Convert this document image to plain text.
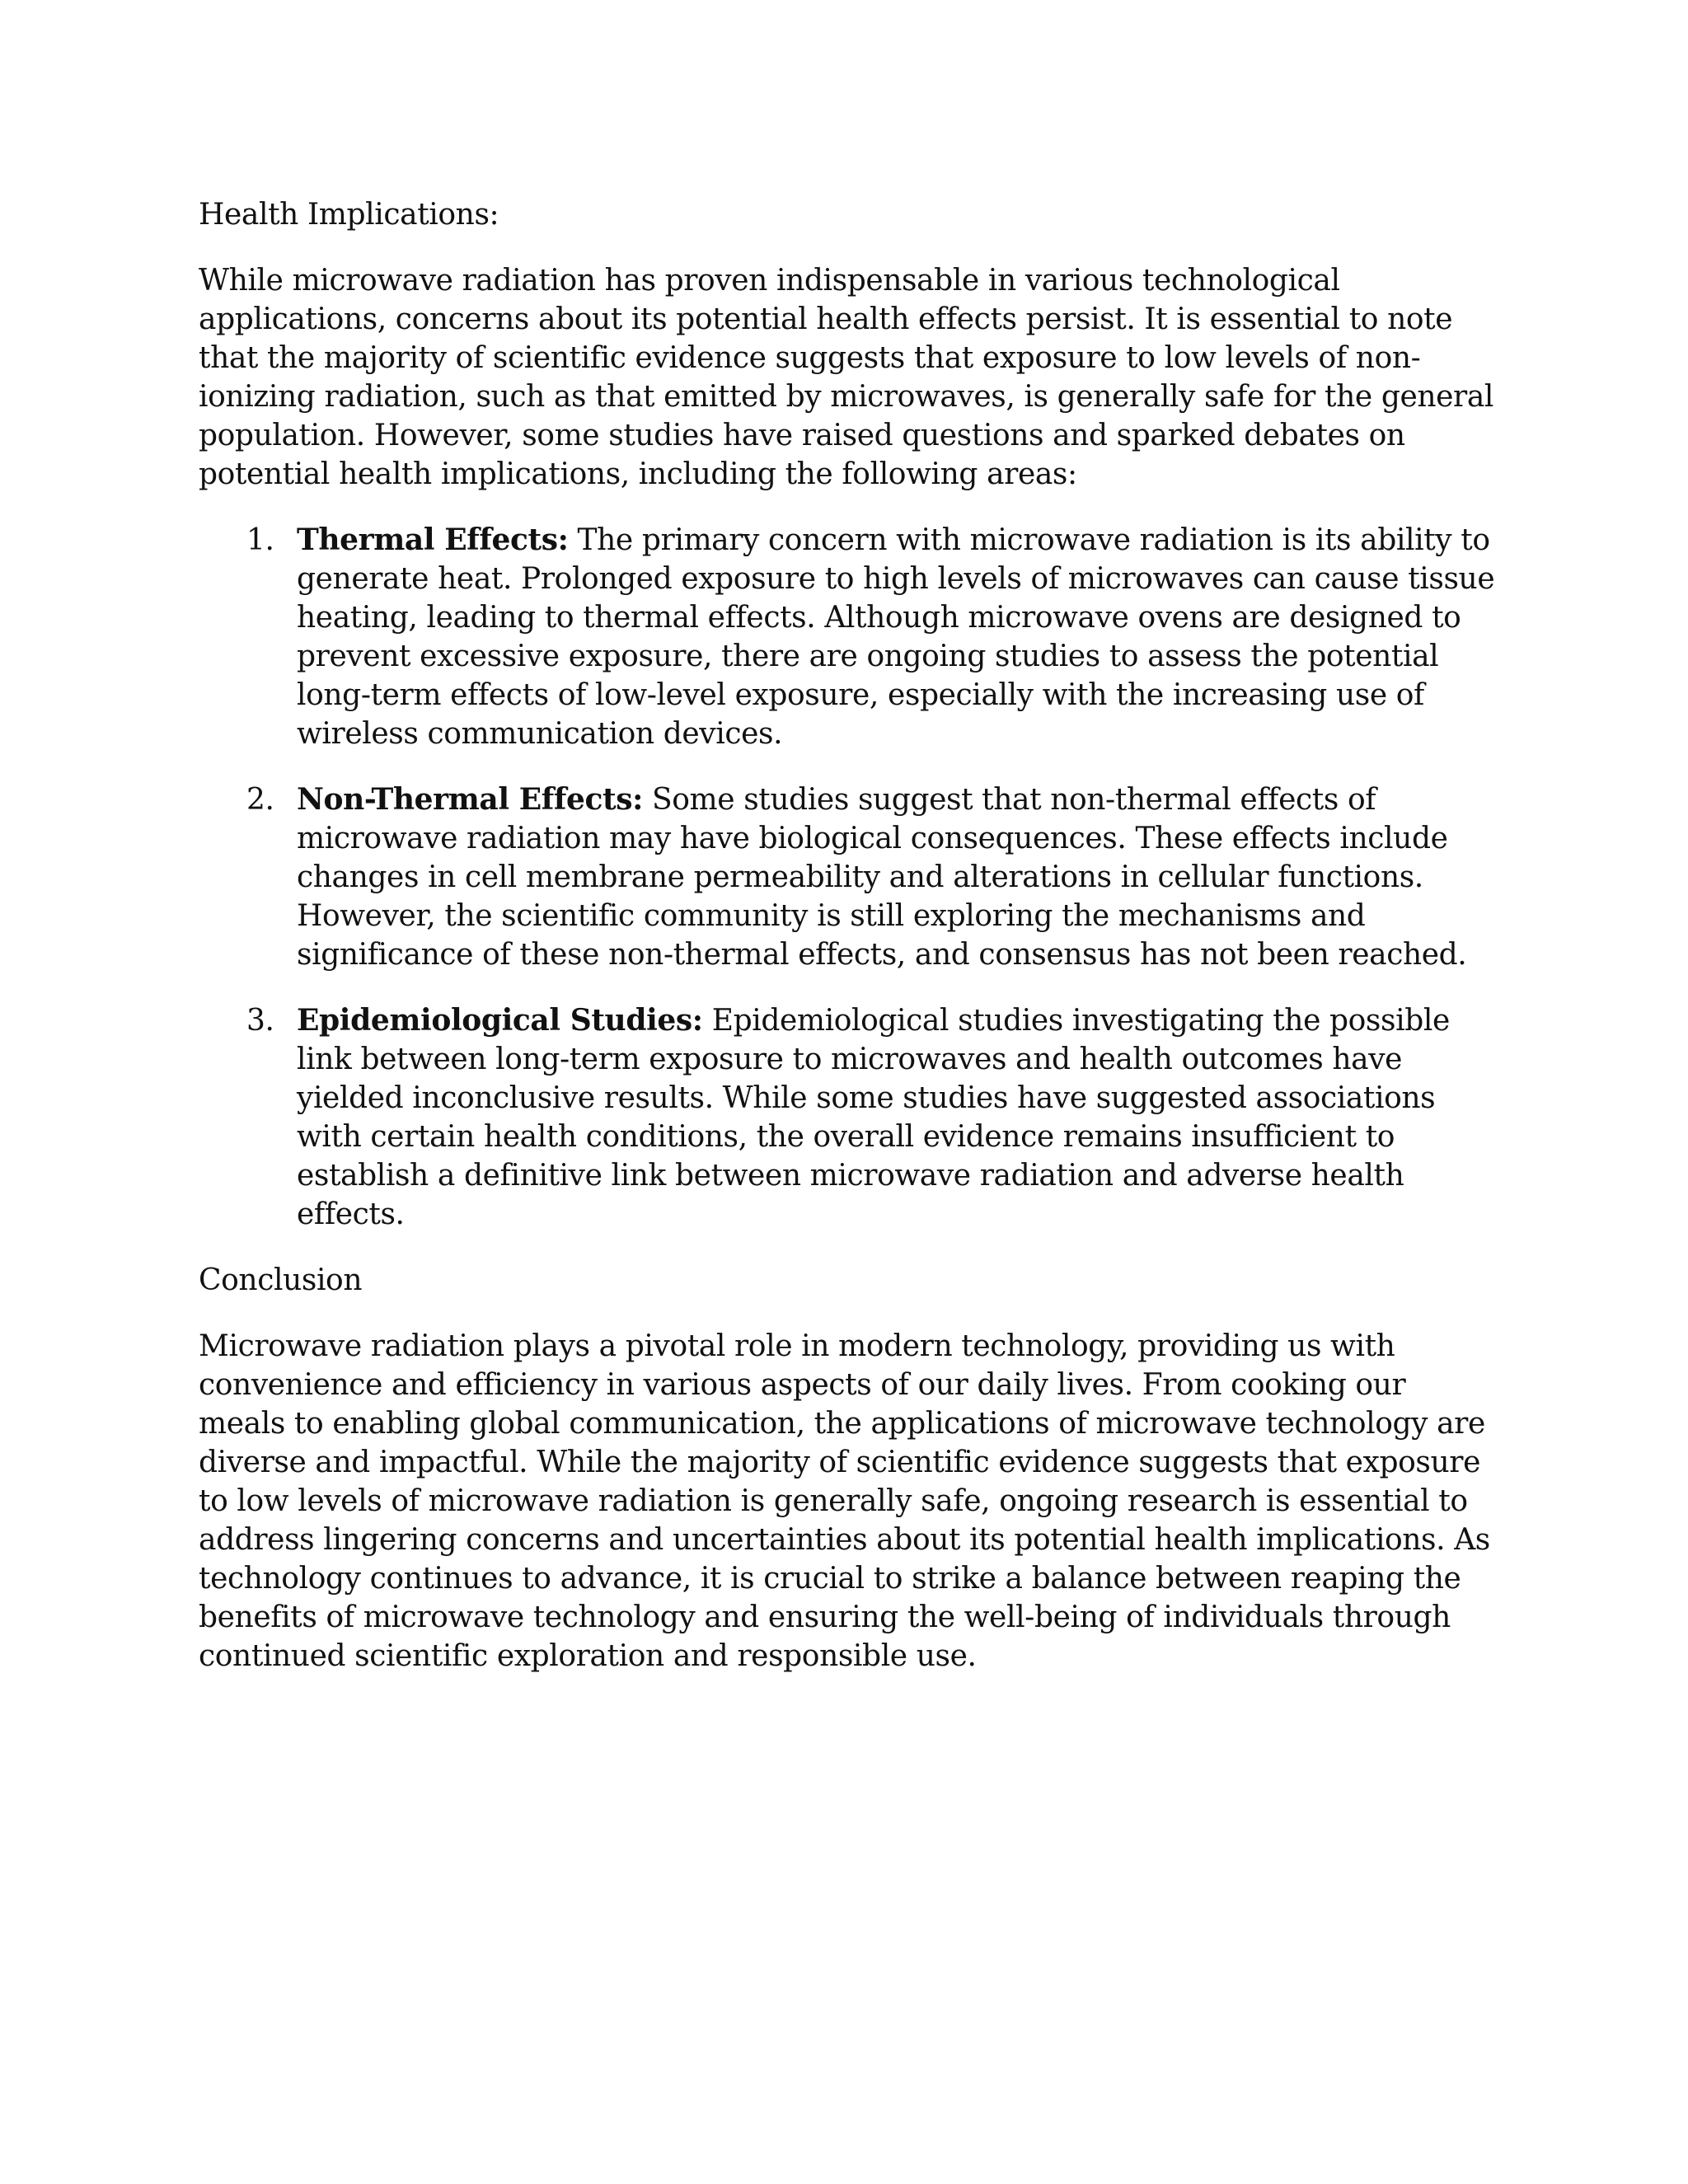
Health Implications:

While microwave radiation has proven indispensable in various technological applications, concerns about its potential health effects persist. It is essential to note that the majority of scientific evidence suggests that exposure to low levels of non-ionizing radiation, such as that emitted by microwaves, is generally safe for the general population. However, some studies have raised questions and sparked debates on potential health implications, including the following areas:

1. Thermal Effects: The primary concern with microwave radiation is its ability to generate heat. Prolonged exposure to high levels of microwaves can cause tissue heating, leading to thermal effects. Although microwave ovens are designed to prevent excessive exposure, there are ongoing studies to assess the potential long-term effects of low-level exposure, especially with the increasing use of wireless communication devices.
2. Non-Thermal Effects: Some studies suggest that non-thermal effects of microwave radiation may have biological consequences. These effects include changes in cell membrane permeability and alterations in cellular functions. However, the scientific community is still exploring the mechanisms and significance of these non-thermal effects, and consensus has not been reached.
3. Epidemiological Studies: Epidemiological studies investigating the possible link between long-term exposure to microwaves and health outcomes have yielded inconclusive results. While some studies have suggested associations with certain health conditions, the overall evidence remains insufficient to establish a definitive link between microwave radiation and adverse health effects.

Conclusion

Microwave radiation plays a pivotal role in modern technology, providing us with convenience and efficiency in various aspects of our daily lives. From cooking our meals to enabling global communication, the applications of microwave technology are diverse and impactful. While the majority of scientific evidence suggests that exposure to low levels of microwave radiation is generally safe, ongoing research is essential to address lingering concerns and uncertainties about its potential health implications. As technology continues to advance, it is crucial to strike a balance between reaping the benefits of microwave technology and ensuring the well-being of individuals through continued scientific exploration and responsible use.
